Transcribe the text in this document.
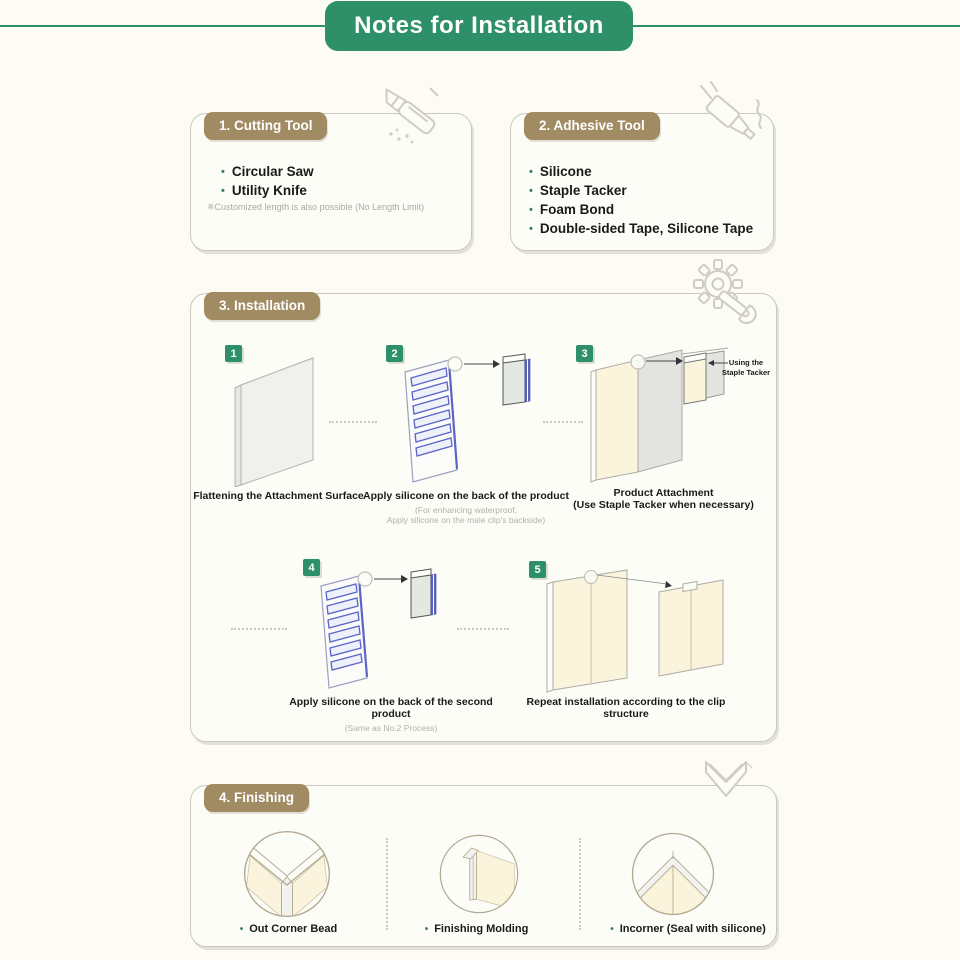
Notes for Installation
1. Cutting Tool
• Circular Saw
• Utility Knife
※Customized length is also possible (No Length Limit)
2. Adhesive Tool
• Silicone
• Staple Tacker
• Foam Bond
• Double-sided Tape, Silicone Tape
3. Installation
1	2	3
4	5
Using the
Staple Tacker
Flattening the Attachment Surface Apply silicone on the back of the product
(For enhancing waterproof,
Apply silicone on the male clip's backside)
Product Attachment
(Use Staple Tacker when necessary)
Apply silicone on the back of the second product
(Same as No.2 Process)
Repeat installation according to the clip structure
4. Finishing
• Out Corner Bead	• Finishing Molding	• Incorner (Seal with silicone)
